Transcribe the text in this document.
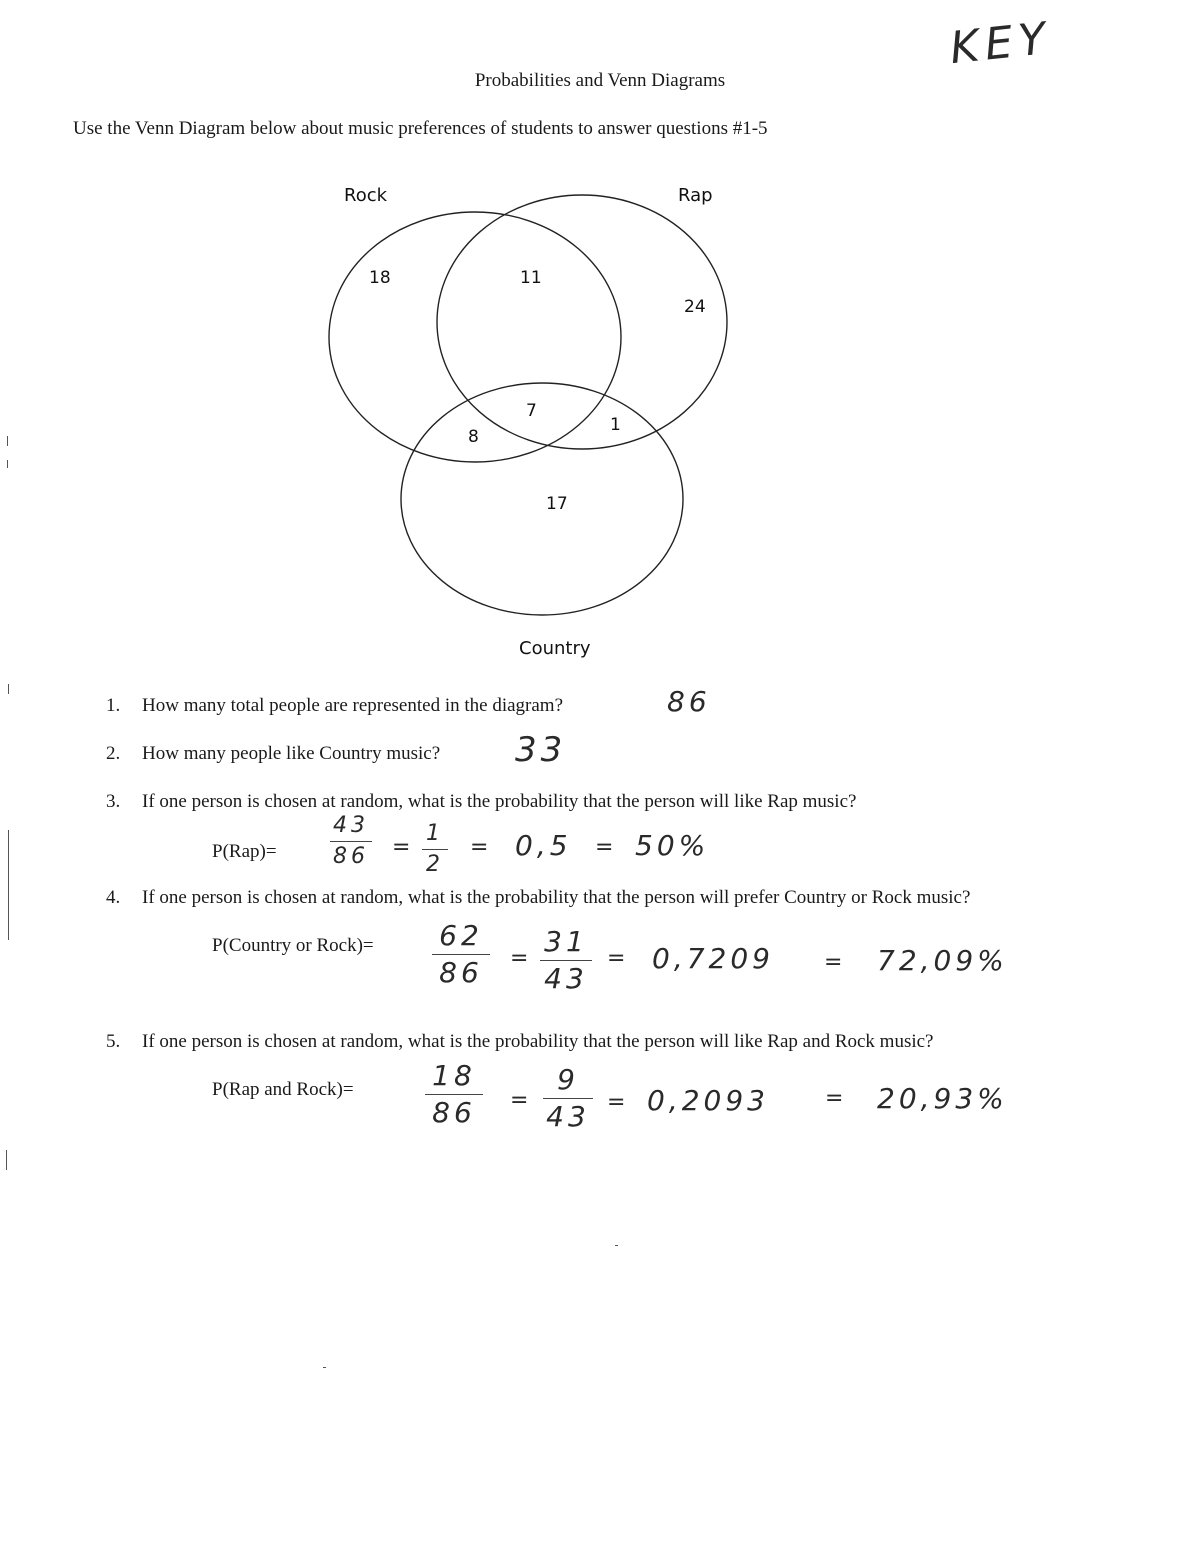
KEY
Probabilities and Venn Diagrams
Use the Venn Diagram below about music preferences of students to answer questions #1-5
Rock	Rap
Country
18	11
24
7
8
1
17
1. How many total people are represented in the diagram?	86
2. How many people like Country music? 33
3. If one person is chosen at random, what is the probability that the person will like Rap music?
P(Rap)=
43
86 =
1
2
= 0,5 = 50%
4. If one person is chosen at random, what is the probability that the person will prefer Country or Rock music?
P(Country or Rock)= 62
86 =
31
43
= 0,7209 = 72,09%
5. If one person is chosen at random, what is the probability that the person will like Rap and Rock music?
P(Rap and Rock)=	18
86 =
9
43 = 0,2093	= 20,93%
